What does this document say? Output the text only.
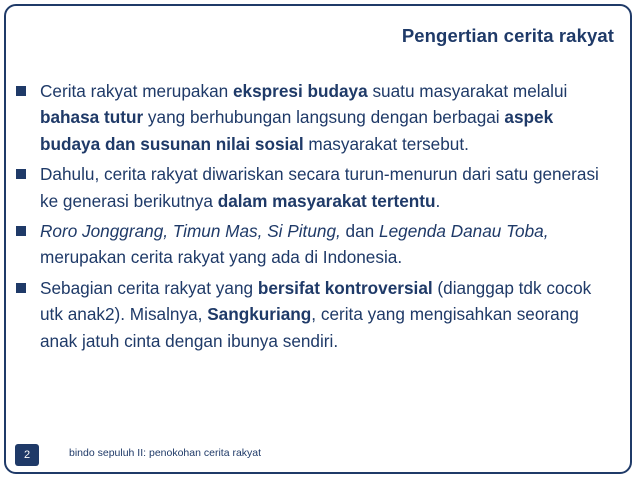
Pengertian cerita rakyat
Cerita rakyat merupakan ekspresi budaya suatu masyarakat melalui bahasa tutur yang berhubungan langsung dengan berbagai aspek budaya dan susunan nilai sosial masyarakat tersebut.
Dahulu, cerita rakyat diwariskan secara turun-menurun dari satu generasi ke generasi berikutnya dalam masyarakat tertentu.
Roro Jonggrang, Timun Mas, Si Pitung, dan Legenda Danau Toba, merupakan cerita rakyat yang ada di Indonesia.
Sebagian cerita rakyat yang bersifat kontroversial (dianggap tdk cocok utk anak2). Misalnya, Sangkuriang, cerita yang mengisahkan seorang anak jatuh cinta dengan ibunya sendiri.
2	bindo sepuluh II: penokohan cerita rakyat
